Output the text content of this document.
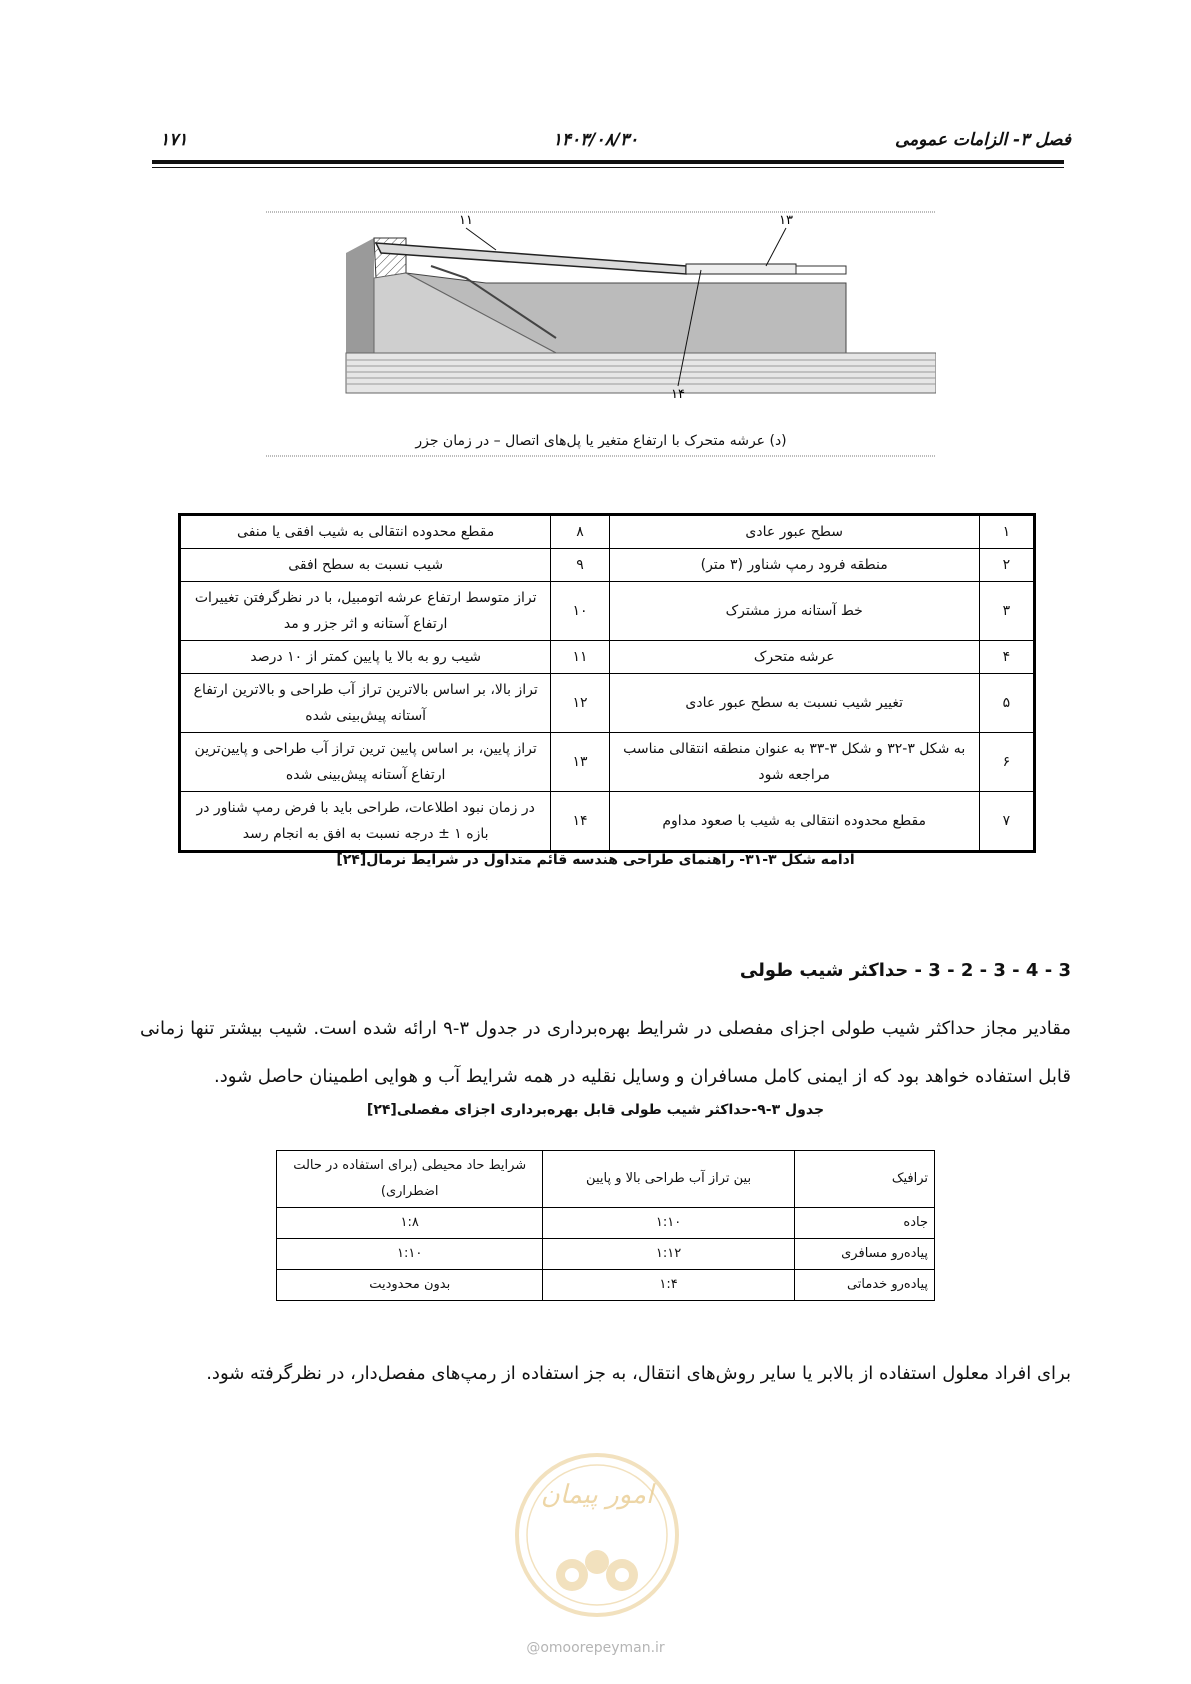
فصل ۳- الزامات عمومی
۱۴۰۳/۰۸/۳۰
۱۷۱
۱۱	۱۳
۱۴
(د) عرشه متحرک با ارتفاع متغیر یا پل‌های اتصال – در زمان جزر
۱	سطح عبور عادی	۸	مقطع محدوده انتقالی به شیب افقی یا منفی
۲	منطقه فرود رمپ شناور (۳ متر)	۹	شیب نسبت به سطح افقی
۳	خط آستانه مرز مشترک	۱۰	تراز متوسط ارتفاع عرشه اتومبیل، با در نظرگرفتن تغییرات ارتفاع آستانه و اثر جزر و مد
۴	عرشه متحرک	۱۱	شیب رو به بالا یا پایین کمتر از ۱۰ درصد
۵	تغییر شیب نسبت به سطح عبور عادی	۱۲	تراز بالا، بر اساس بالاترین تراز آب طراحی و بالاترین ارتفاع آستانه پیش‌بینی شده
۶	به شکل ۳-۳۲ و شکل ۳-۳۳ به عنوان منطقه انتقالی مناسب مراجعه شود	۱۳	تراز پایین، بر اساس پایین ترین تراز آب طراحی و پایین‌ترین ارتفاع آستانه پیش‌بینی شده
۷	مقطع محدوده انتقالی به شیب با صعود مداوم	۱۴	در زمان نبود اطلاعات، طراحی باید با فرض رمپ شناور در بازه ۱ ± درجه نسبت به افق به انجام رسد
ادامه شکل ۳-۳۱- راهنمای طراحی هندسه قائم متداول در شرایط نرمال[۲۴]
3 - 4 - 3 - 2 - 3 - حداکثر شیب طولی
مقادیر مجاز حداکثر شیب طولی اجزای مفصلی در شرایط بهره‌برداری در جدول ۳-۹ ارائه شده است. شیب بیشتر تنها زمانی قابل استفاده خواهد بود که از ایمنی کامل مسافران و وسایل نقلیه در همه شرایط آب و هوایی اطمینان حاصل شود.
جدول ۳-۹-حداکثر شیب طولی قابل بهره‌برداری اجزای مفصلی[۲۴]
ترافیک	بین تراز آب طراحی بالا و پایین	شرایط حاد محیطی (برای استفاده در حالت اضطراری)
جاده	۱:۱۰	۱:۸
پیاده‌رو مسافری	۱:۱۲	۱:۱۰
پیاده‌رو خدماتی	۱:۴	بدون محدودیت
برای افراد معلول استفاده از بالابر یا سایر روش‌های انتقال، به جز استفاده از رمپ‌های مفصل‌دار، در نظرگرفته شود.
امور پیمان
@omoorepeyman.ir
